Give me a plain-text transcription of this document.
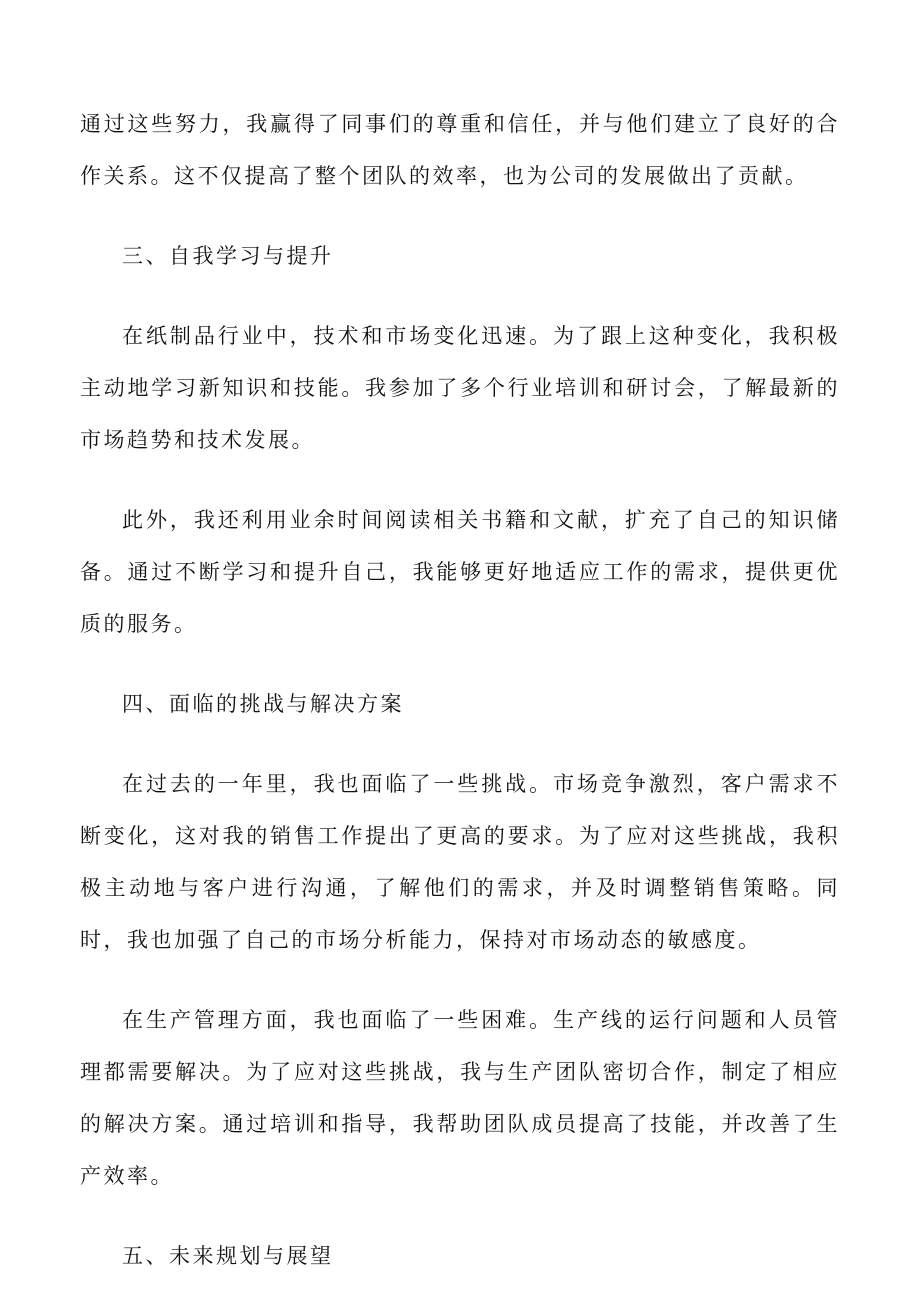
通过这些努力，我赢得了同事们的尊重和信任，并与他们建立了良好的合作关系。这不仅提高了整个团队的效率，也为公司的发展做出了贡献。

三、自我学习与提升

在纸制品行业中，技术和市场变化迅速。为了跟上这种变化，我积极主动地学习新知识和技能。我参加了多个行业培训和研讨会，了解最新的市场趋势和技术发展。

此外，我还利用业余时间阅读相关书籍和文献，扩充了自己的知识储备。通过不断学习和提升自己，我能够更好地适应工作的需求，提供更优质的服务。

四、面临的挑战与解决方案

在过去的一年里，我也面临了一些挑战。市场竞争激烈，客户需求不断变化，这对我的销售工作提出了更高的要求。为了应对这些挑战，我积极主动地与客户进行沟通，了解他们的需求，并及时调整销售策略。同时，我也加强了自己的市场分析能力，保持对市场动态的敏感度。

在生产管理方面，我也面临了一些困难。生产线的运行问题和人员管理都需要解决。为了应对这些挑战，我与生产团队密切合作，制定了相应的解决方案。通过培训和指导，我帮助团队成员提高了技能，并改善了生产效率。

五、未来规划与展望
